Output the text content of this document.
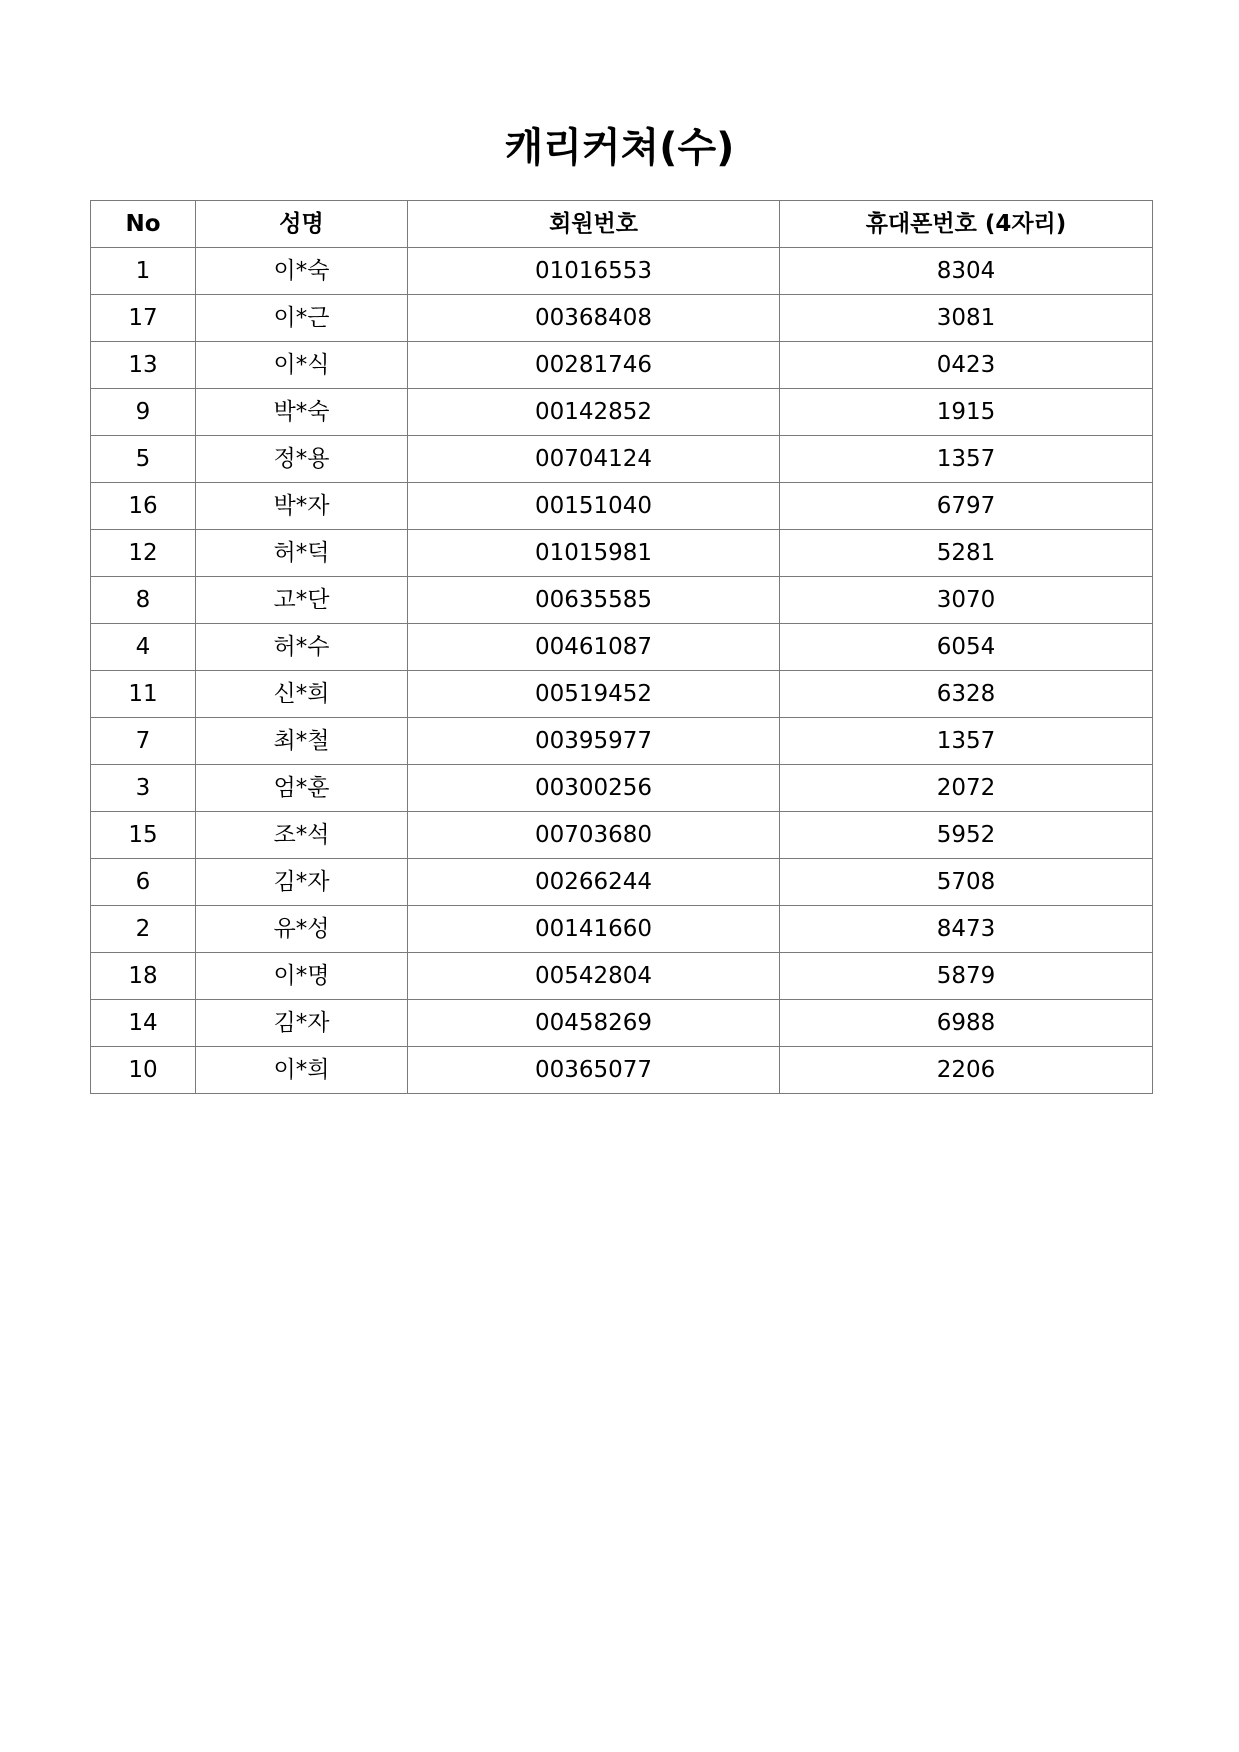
캐리커쳐(수)
No	성명	회원번호	휴대폰번호 (4자리)
1	이*숙	01016553	8304
17	이*근	00368408	3081
13	이*식	00281746	0423
9	박*숙	00142852	1915
5	정*용	00704124	1357
16	박*자	00151040	6797
12	허*덕	01015981	5281
8	고*단	00635585	3070
4	허*수	00461087	6054
11	신*희	00519452	6328
7	최*철	00395977	1357
3	엄*훈	00300256	2072
15	조*석	00703680	5952
6	김*자	00266244	5708
2	유*성	00141660	8473
18	이*명	00542804	5879
14	김*자	00458269	6988
10	이*희	00365077	2206
